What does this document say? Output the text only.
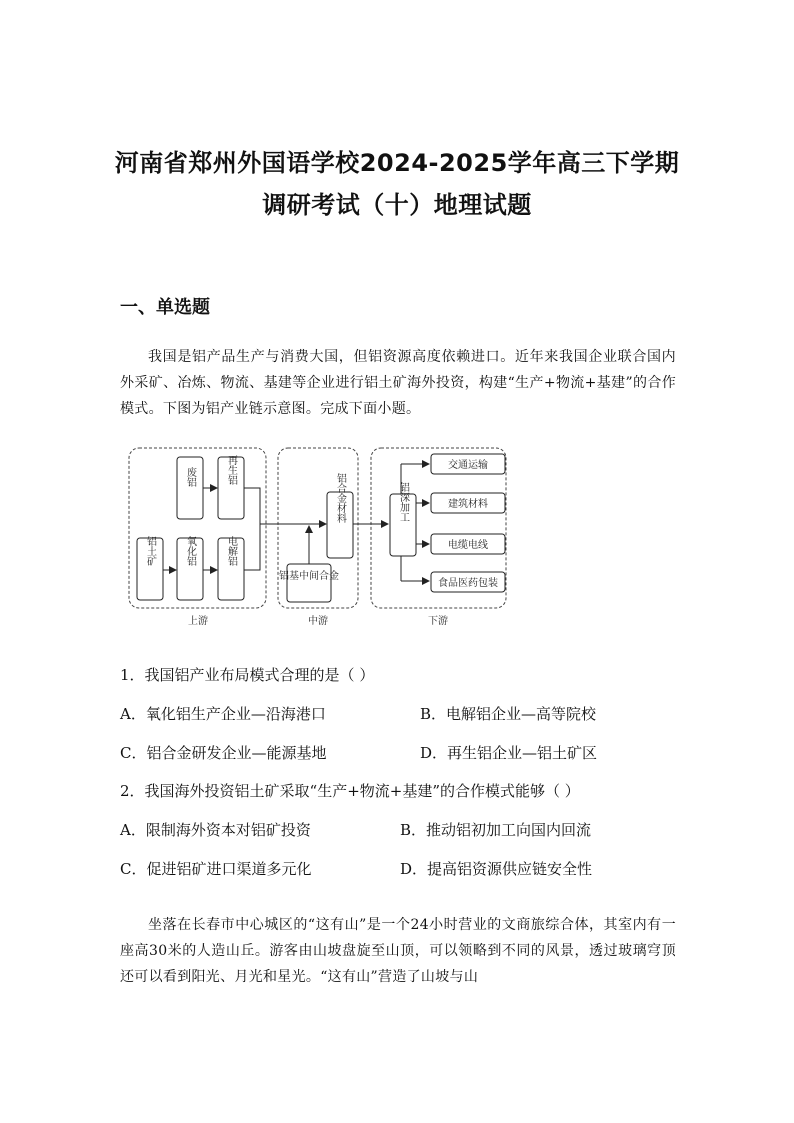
河南省郑州外国语学校2024-2025学年高三下学期
调研考试（十）地理试题
一、单选题
我国是铝产品生产与消费大国，但铝资源高度依赖进口。近年来我国企业联合国内外采矿、冶炼、物流、基建等企业进行铝土矿海外投资，构建“生产+物流+基建”的合作模式。下图为铝产业链示意图。完成下面小题。
废铝	再生铝
铝土矿	氧化铝	电解铝
铝合金材料
铝基中间合金
铝深加工
交通运输
建筑材料
电缆电线
食品医药包装
上游	中游	下游
1．我国铝产业布局模式合理的是（ ）
A．氧化铝生产企业—沿海港口	B．电解铝企业—高等院校
C．铝合金研发企业—能源基地	D．再生铝企业—铝土矿区
2．我国海外投资铝土矿采取“生产+物流+基建”的合作模式能够（ ）
A．限制海外资本对铝矿投资	B．推动铝初加工向国内回流
C．促进铝矿进口渠道多元化	D．提高铝资源供应链安全性
坐落在长春市中心城区的“这有山”是一个24小时营业的文商旅综合体，其室内有一座高30米的人造山丘。游客由山坡盘旋至山顶，可以领略到不同的风景，透过玻璃穹顶还可以看到阳光、月光和星光。“这有山”营造了山坡与山
